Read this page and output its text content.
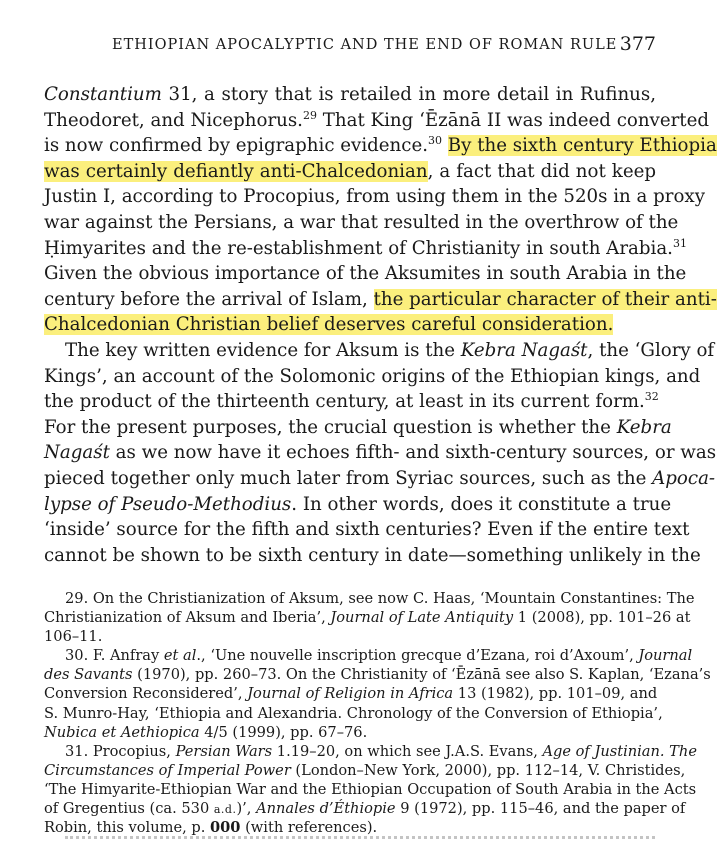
ETHIOPIAN APOCALYPTIC AND THE END OF ROMAN RULE 377
Constantium 31, a story that is retailed in more detail in Rufinus,
Theodoret, and Nicephorus.$^{29}$ That King ‘Ēzānā II was indeed converted
is now confirmed by epigraphic evidence.$^{30}$ By the sixth century Ethiopia
was certainly defiantly anti-Chalcedonian, a fact that did not keep
Justin I, according to Procopius, from using them in the 520s in a proxy
war against the Persians, a war that resulted in the overthrow of the
Ḥimyarites and the re-establishment of Christianity in south Arabia.$^{31}$
Given the obvious importance of the Aksumites in south Arabia in the
century before the arrival of Islam, the particular character of their anti-
Chalcedonian Christian belief deserves careful consideration.
The key written evidence for Aksum is the Kebra Nagaśt, the ‘Glory of
Kings’, an account of the Solomonic origins of the Ethiopian kings, and
the product of the thirteenth century, at least in its current form.$^{32}$
For the present purposes, the crucial question is whether the Kebra
Nagaśt as we now have it echoes fifth- and sixth-century sources, or was
pieced together only much later from Syriac sources, such as the Apoca-
lypse of Pseudo-Methodius. In other words, does it constitute a true
‘inside’ source for the fifth and sixth centuries? Even if the entire text
cannot be shown to be sixth century in date—something unlikely in the
29. On the Christianization of Aksum, see now C. Haas, ‘Mountain Constantines: The
Christianization of Aksum and Iberia’, Journal of Late Antiquity 1 (2008), pp. 101–26 at
106–11.
30. F. Anfray et al., ‘Une nouvelle inscription grecque d’Ezana, roi d’Axoum’, Journal
des Savants (1970), pp. 260–73. On the Christianity of ‘Ēzānā see also S. Kaplan, ‘Ezana’s
Conversion Reconsidered’, Journal of Religion in Africa 13 (1982), pp. 101–09, and
S. Munro-Hay, ‘Ethiopia and Alexandria. Chronology of the Conversion of Ethiopia’,
Nubica et Aethiopica 4/5 (1999), pp. 67–76.
31. Procopius, Persian Wars 1.19–20, on which see J.A.S. Evans, Age of Justinian. The
Circumstances of Imperial Power (London–New York, 2000), pp. 112–14, V. Christides,
‘The Himyarite-Ethiopian War and the Ethiopian Occupation of South Arabia in the Acts
of Gregentius (ca. 530 a.d.)’, Annales d’Éthiopie 9 (1972), pp. 115–46, and the paper of
Robin, this volume, p. 000 (with references).
